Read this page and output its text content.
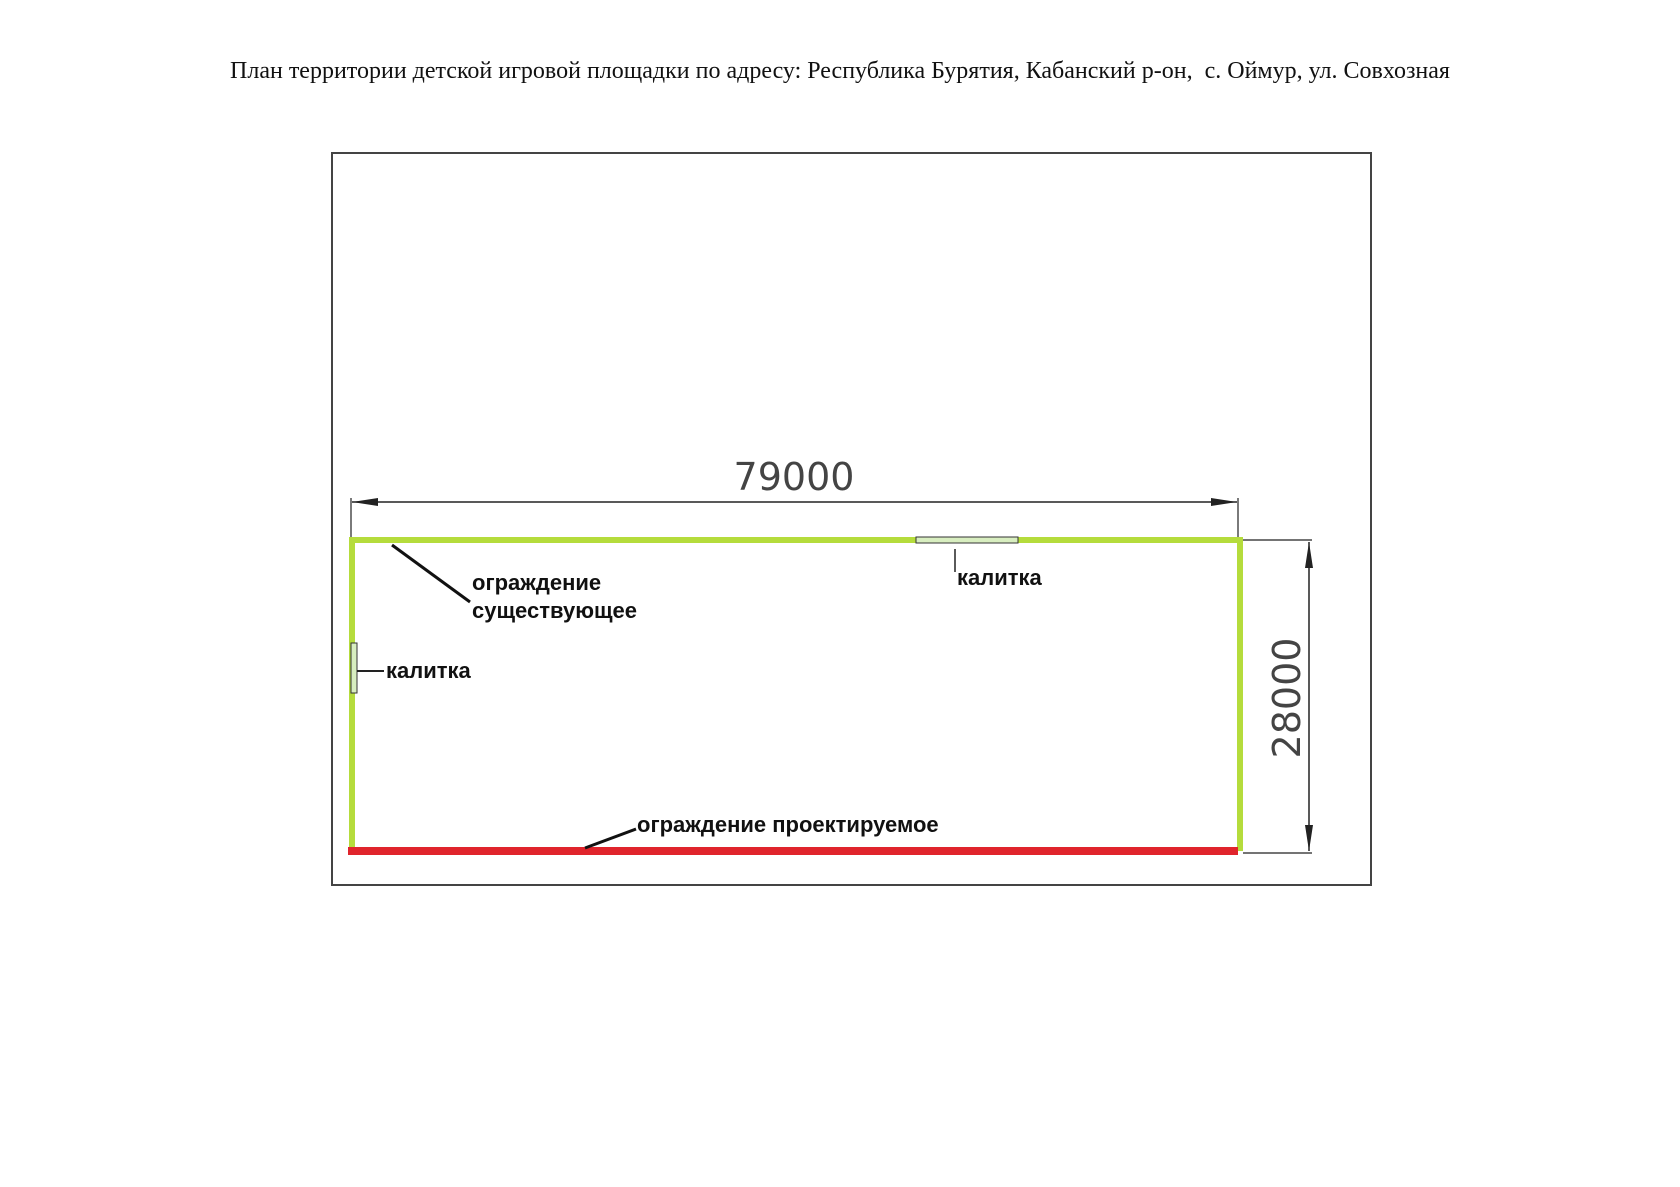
План территории детской игровой площадки по адресу: Республика Бурятия, Кабанский р-он,  с. Оймур, ул. Совхозная
79000
28000
ограждение
существующее
калитка
калитка
ограждение проектируемое
